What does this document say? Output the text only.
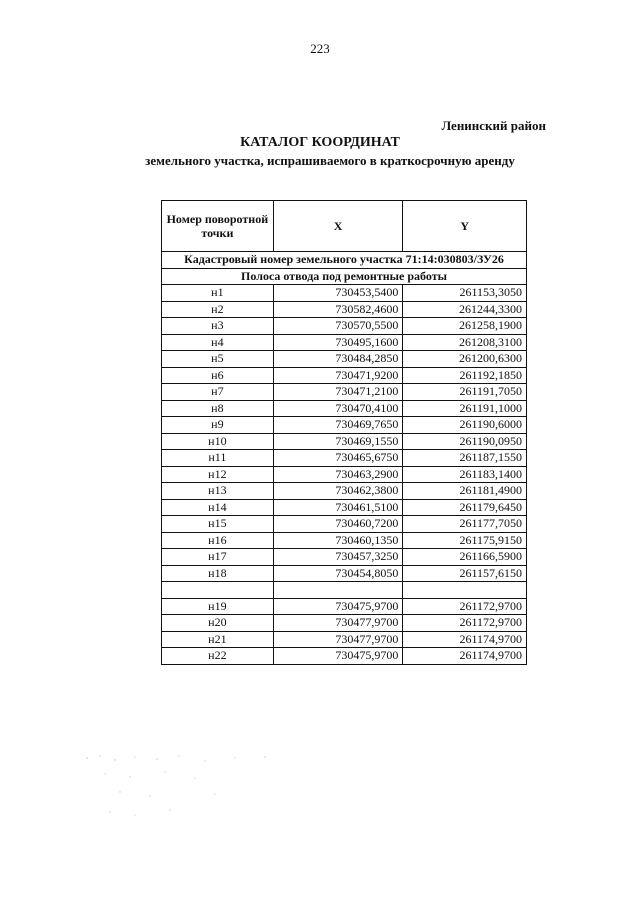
223
Ленинский район
КАТАЛОГ КООРДИНАТ
земельного участка, испрашиваемого в краткосрочную аренду
Номер поворотной точки	X	Y
Кадастровый номер земельного участка 71:14:030803/ЗУ26		
Полоса отвода под ремонтные работы		
н1	730453,5400	261153,3050
н2	730582,4600	261244,3300
н3	730570,5500	261258,1900
н4	730495,1600	261208,3100
н5	730484,2850	261200,6300
н6	730471,9200	261192,1850
н7	730471,2100	261191,7050
н8	730470,4100	261191,1000
н9	730469,7650	261190,6000
н10	730469,1550	261190,0950
н11	730465,6750	261187,1550
н12	730463,2900	261183,1400
н13	730462,3800	261181,4900
н14	730461,5100	261179,6450
н15	730460,7200	261177,7050
н16	730460,1350	261175,9150
н17	730457,3250	261166,5900
н18	730454,8050	261157,6150

н19	730475,9700	261172,9700
н20	730477,9700	261172,9700
н21	730477,9700	261174,9700
н22	730475,9700	261174,9700
